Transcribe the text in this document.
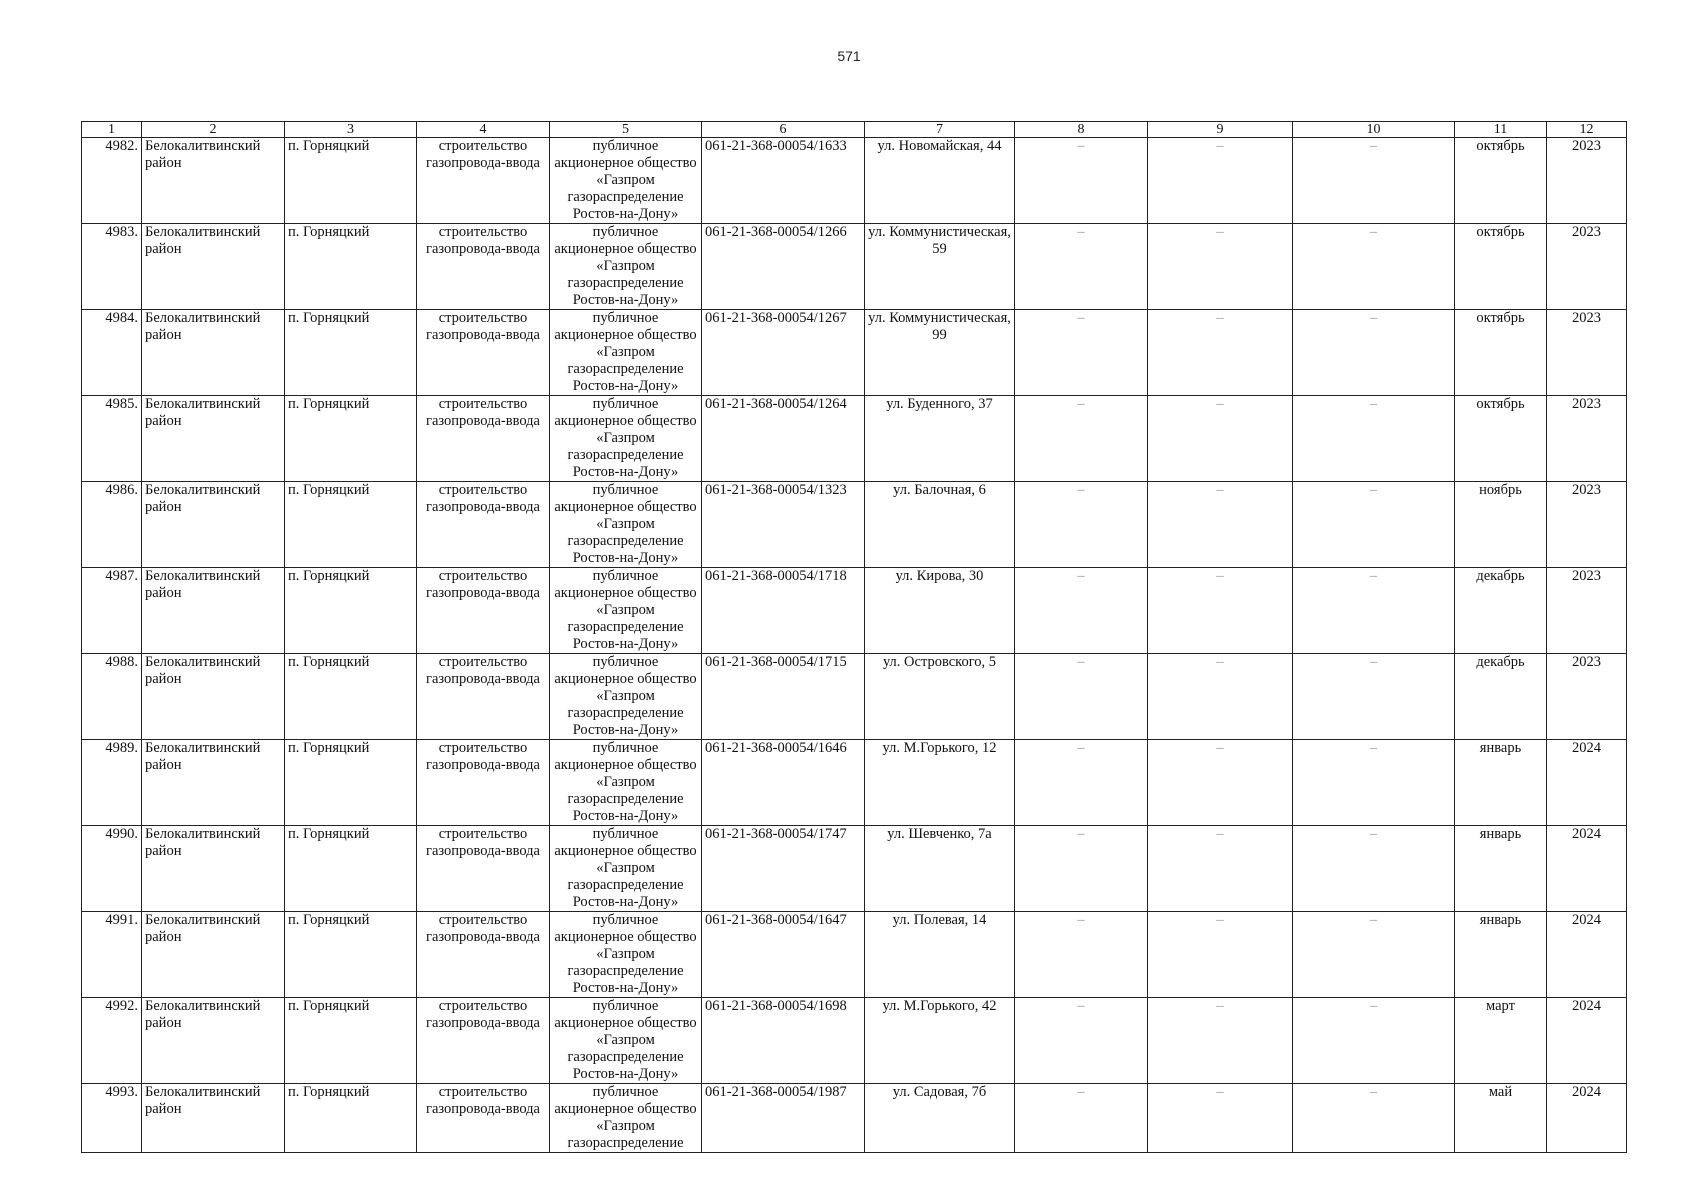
571
1	2	3	4	5	6	7	8	9	10	11	12
4982.	Белокалитвинский район	п. Горняцкий	строительство газопровода-ввода	публичное акционерное общество «Газпром газораспределение Ростов-на-Дону»	061-21-368-00054/1633	ул. Новомайская, 44	–	–	–	октябрь	2023
4983.	Белокалитвинский район	п. Горняцкий	строительство газопровода-ввода	публичное акционерное общество «Газпром газораспределение Ростов-на-Дону»	061-21-368-00054/1266	ул. Коммунистическая, 59	–	–	–	октябрь	2023
4984.	Белокалитвинский район	п. Горняцкий	строительство газопровода-ввода	публичное акционерное общество «Газпром газораспределение Ростов-на-Дону»	061-21-368-00054/1267	ул. Коммунистическая, 99	–	–	–	октябрь	2023
4985.	Белокалитвинский район	п. Горняцкий	строительство газопровода-ввода	публичное акционерное общество «Газпром газораспределение Ростов-на-Дону»	061-21-368-00054/1264	ул. Буденного, 37	–	–	–	октябрь	2023
4986.	Белокалитвинский район	п. Горняцкий	строительство газопровода-ввода	публичное акционерное общество «Газпром газораспределение Ростов-на-Дону»	061-21-368-00054/1323	ул. Балочная, 6	–	–	–	ноябрь	2023
4987.	Белокалитвинский район	п. Горняцкий	строительство газопровода-ввода	публичное акционерное общество «Газпром газораспределение Ростов-на-Дону»	061-21-368-00054/1718	ул. Кирова, 30	–	–	–	декабрь	2023
4988.	Белокалитвинский район	п. Горняцкий	строительство газопровода-ввода	публичное акционерное общество «Газпром газораспределение Ростов-на-Дону»	061-21-368-00054/1715	ул. Островского, 5	–	–	–	декабрь	2023
4989.	Белокалитвинский район	п. Горняцкий	строительство газопровода-ввода	публичное акционерное общество «Газпром газораспределение Ростов-на-Дону»	061-21-368-00054/1646	ул. М.Горького, 12	–	–	–	январь	2024
4990.	Белокалитвинский район	п. Горняцкий	строительство газопровода-ввода	публичное акционерное общество «Газпром газораспределение Ростов-на-Дону»	061-21-368-00054/1747	ул. Шевченко, 7а	–	–	–	январь	2024
4991.	Белокалитвинский район	п. Горняцкий	строительство газопровода-ввода	публичное акционерное общество «Газпром газораспределение Ростов-на-Дону»	061-21-368-00054/1647	ул. Полевая, 14	–	–	–	январь	2024
4992.	Белокалитвинский район	п. Горняцкий	строительство газопровода-ввода	публичное акционерное общество «Газпром газораспределение Ростов-на-Дону»	061-21-368-00054/1698	ул. М.Горького, 42	–	–	–	март	2024
4993.	Белокалитвинский район	п. Горняцкий	строительство газопровода-ввода	публичное акционерное общество «Газпром газораспределение	061-21-368-00054/1987	ул. Садовая, 7б	–	–	–	май	2024
